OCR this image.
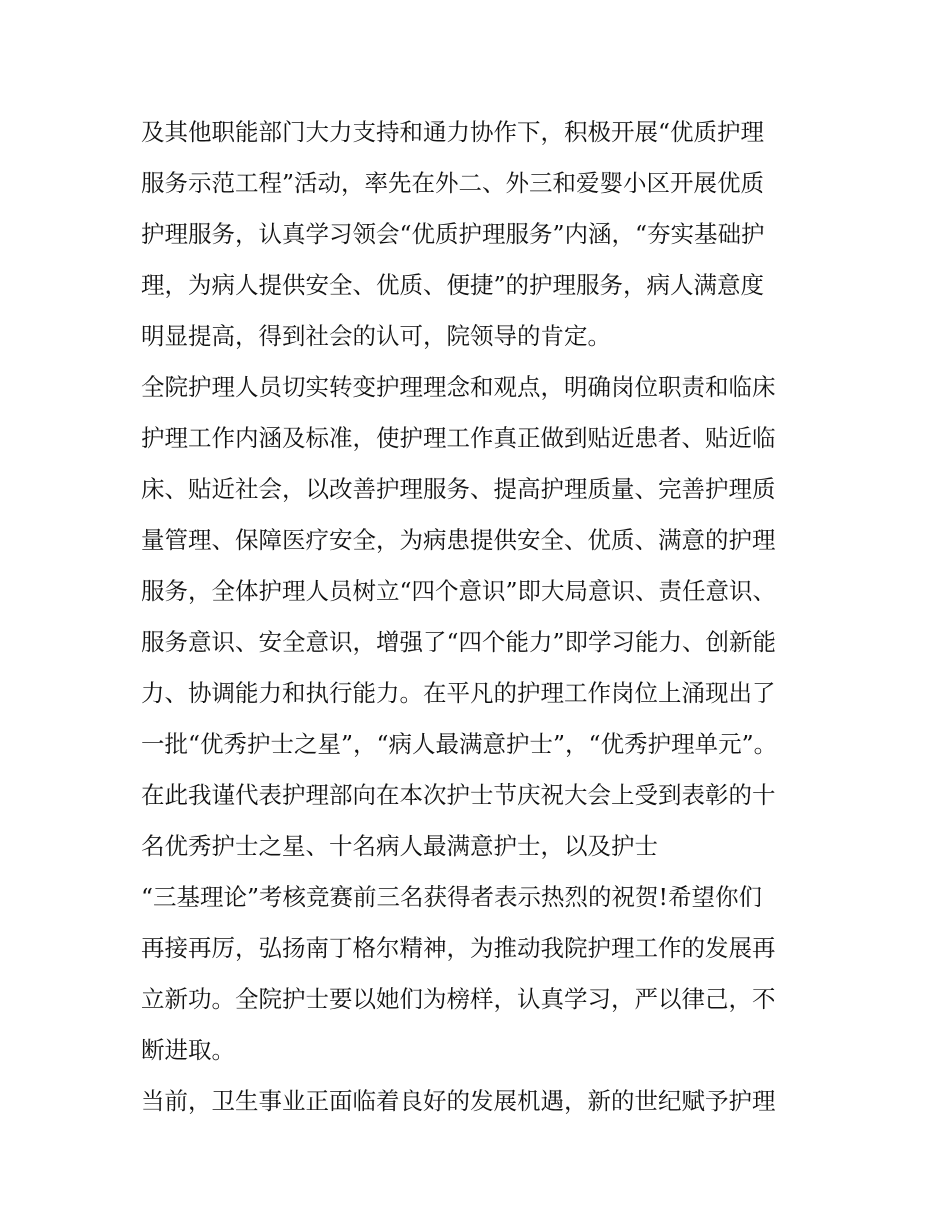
及其他职能部门大力支持和通力协作下，积极开展“优质护理
服务示范工程”活动，率先在外二、外三和爱婴小区开展优质
护理服务，认真学习领会“优质护理服务”内涵，“夯实基础护
理，为病人提供安全、优质、便捷”的护理服务，病人满意度
明显提高，得到社会的认可，院领导的肯定。
全院护理人员切实转变护理理念和观点，明确岗位职责和临床
护理工作内涵及标准，使护理工作真正做到贴近患者、贴近临
床、贴近社会，以改善护理服务、提高护理质量、完善护理质
量管理、保障医疗安全，为病患提供安全、优质、满意的护理
服务，全体护理人员树立“四个意识”即大局意识、责任意识、
服务意识、安全意识，增强了“四个能力”即学习能力、创新能
力、协调能力和执行能力。在平凡的护理工作岗位上涌现出了
一批“优秀护士之星”，“病人最满意护士”，“优秀护理单元”。
在此我谨代表护理部向在本次护士节庆祝大会上受到表彰的十
名优秀护士之星、十名病人最满意护士，以及护士
“三基理论”考核竞赛前三名获得者表示热烈的祝贺!希望你们
再接再厉，弘扬南丁格尔精神，为推动我院护理工作的发展再
立新功。全院护士要以她们为榜样，认真学习，严以律己，不
断进取。
当前，卫生事业正面临着良好的发展机遇，新的世纪赋予护理
